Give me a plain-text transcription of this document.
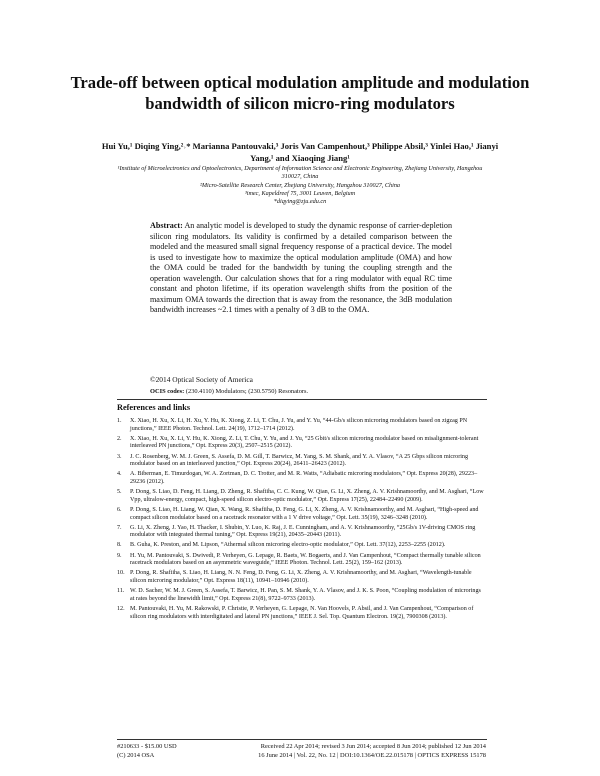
Trade-off between optical modulation amplitude and modulation bandwidth of silicon micro-ring modulators
Hui Yu,¹ Diqing Ying,²˒* Marianna Pantouvaki,³ Joris Van Campenhout,³ Philippe Absil,³ Yinlei Hao,¹ Jianyi Yang,¹ and Xiaoqing Jiang¹
¹Institute of Microelectronics and Optoelectronics, Department of Information Science and Electronic Engineering, Zhejiang University, Hangzhou 310027, China
²Micro-Satellite Research Center, Zhejiang University, Hangzhou 310027, China
³imec, Kapeldreef 75, 3001 Leuven, Belgium
*diqying@zju.edu.cn
Abstract: An analytic model is developed to study the dynamic response of carrier-depletion silicon ring modulators. Its validity is confirmed by a detailed comparison between the modeled and the measured small signal frequency response of a practical device. The model is used to investigate how to maximize the optical modulation amplitude (OMA) and how the OMA could be traded for the bandwidth by tuning the coupling strength and the operation wavelength. Our calculation shows that for a ring modulator with equal RC time constant and photon lifetime, if its operation wavelength shifts from the position of the maximum OMA towards the direction that is away from the resonance, the 3dB modulation bandwidth increases ~2.1 times with a penalty of 3 dB to the OMA.
©2014 Optical Society of America
OCIS codes: (230.4110) Modulators; (230.5750) Resonators.
References and links
1. X. Xiao, H. Xu, X. Li, H. Xu, Y. Hu, K. Xiong, Z. Li, T. Chu, J. Yu, and Y. Yu, “44-Gb/s silicon microring modulators based on zigzag PN junctions,” IEEE Photon. Technol. Lett. 24(19), 1712–1714 (2012).
2. X. Xiao, H. Xu, X. Li, Y. Hu, K. Xiong, Z. Li, T. Chu, Y. Yu, and J. Yu, “25 Gbit/s silicon microring modulator based on misalignment-tolerant interleaved PN junctions,” Opt. Express 20(3), 2507–2515 (2012).
3. J. C. Rosenberg, W. M. J. Green, S. Assefa, D. M. Gill, T. Barwicz, M. Yang, S. M. Shank, and Y. A. Vlasov, “A 25 Gbps silicon microring modulator based on an interleaved junction,” Opt. Express 20(24), 26411–26423 (2012).
4. A. Biberman, E. Timurdogan, W. A. Zortman, D. C. Trotter, and M. R. Watts, “Adiabatic microring modulators,” Opt. Express 20(28), 29223–29236 (2012).
5. P. Dong, S. Liao, D. Feng, H. Liang, D. Zheng, R. Shafiiha, C. C. Kung, W. Qian, G. Li, X. Zheng, A. V. Krishnamoorthy, and M. Asghari, “Low Vpp, ultralow-energy, compact, high-speed silicon electro-optic modulator,” Opt. Express 17(25), 22484–22490 (2009).
6. P. Dong, S. Liao, H. Liang, W. Qian, X. Wang, R. Shafiiha, D. Feng, G. Li, X. Zheng, A. V. Krishnamoorthy, and M. Asghari, “High-speed and compact silicon modulator based on a racetrack resonator with a 1 V drive voltage,” Opt. Lett. 35(19), 3246–3248 (2010).
7. G. Li, X. Zheng, J. Yao, H. Thacker, I. Shubin, Y. Luo, K. Raj, J. E. Cunningham, and A. V. Krishnamoorthy, “25Gb/s 1V-driving CMOS ring modulator with integrated thermal tuning,” Opt. Express 19(21), 20435–20443 (2011).
8. B. Guha, K. Preston, and M. Lipson, “Athermal silicon microring electro-optic modulator,” Opt. Lett. 37(12), 2253–2255 (2012).
9. H. Yu, M. Pantouvaki, S. Dwivedi, P. Verheyen, G. Lepage, R. Baets, W. Bogaerts, and J. Van Campenhout, “Compact thermally tunable silicon racetrack modulators based on an asymmetric waveguide,” IEEE Photon. Technol. Lett. 25(2), 159–162 (2013).
10. P. Dong, R. Shafiiha, S. Liao, H. Liang, N. N. Feng, D. Feng, G. Li, X. Zheng, A. V. Krishnamoorthy, and M. Asghari, “Wavelength-tunable silicon microring modulator,” Opt. Express 18(11), 10941–10946 (2010).
11. W. D. Sacher, W. M. J. Green, S. Assefa, T. Barwicz, H. Pan, S. M. Shank, Y. A. Vlasov, and J. K. S. Poon, “Coupling modulation of microrings at rates beyond the linewidth limit,” Opt. Express 21(8), 9722–9733 (2013).
12. M. Pantouvaki, H. Yu, M. Rakowski, P. Christie, P. Verheyen, G. Lepage, N. Van Hoovels, P. Absil, and J. Van Campenhout, “Comparison of silicon ring modulators with interdigitated and lateral PN junctions,” IEEE J. Sel. Top. Quantum Electron. 19(2), 7900308 (2013).
#210633 - $15.00 USD
(C) 2014 OSA
Received 22 Apr 2014; revised 3 Jun 2014; accepted 8 Jun 2014; published 12 Jun 2014
16 June 2014 | Vol. 22, No. 12 | DOI:10.1364/OE.22.015178 | OPTICS EXPRESS 15178
